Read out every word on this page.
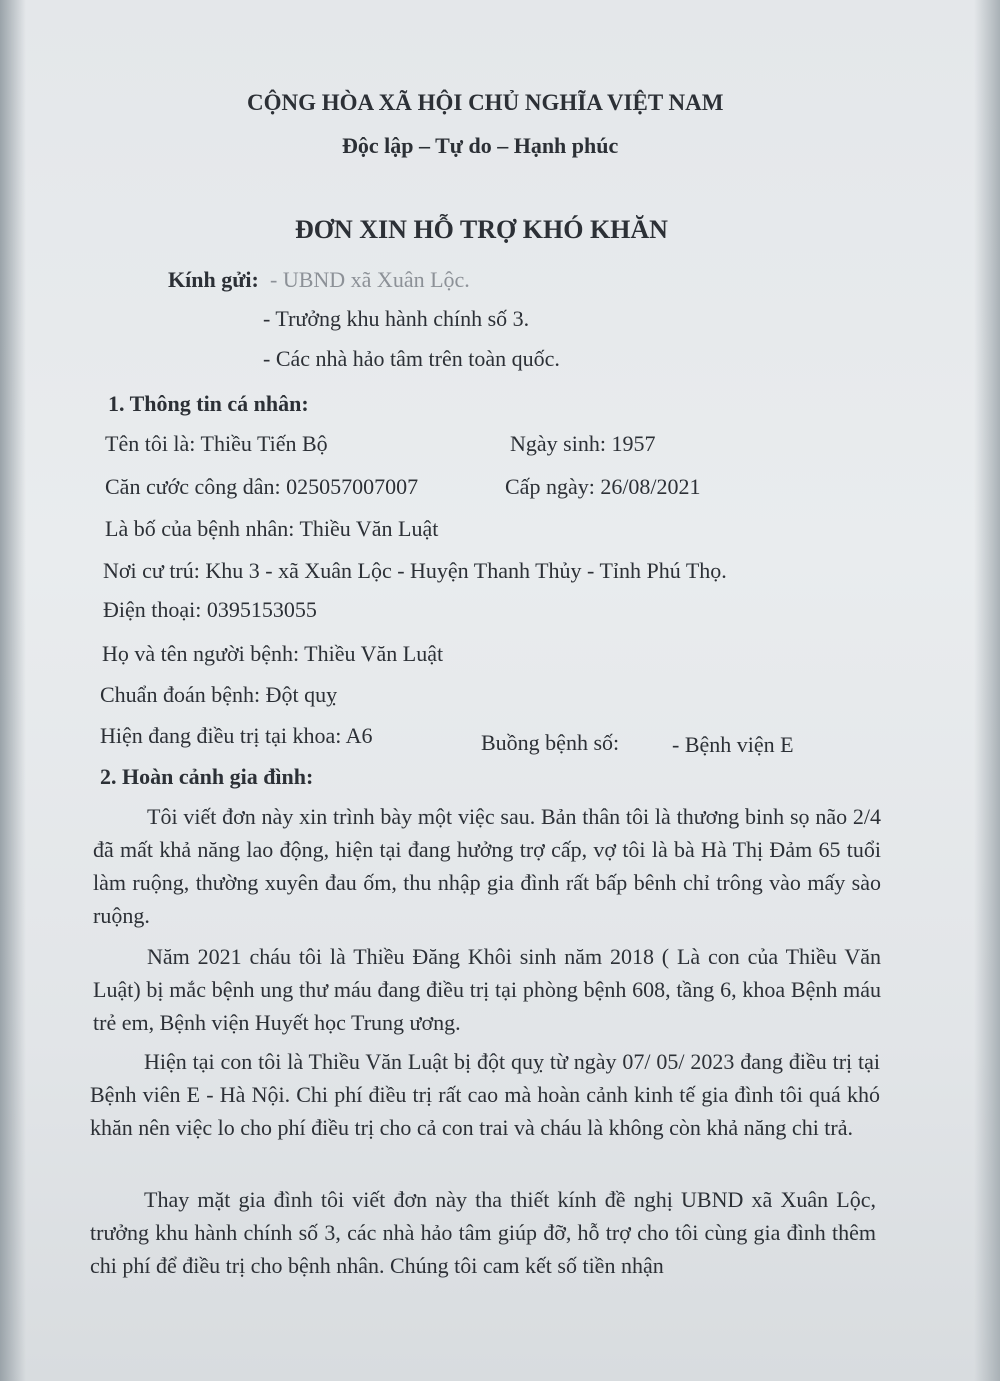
CỘNG HÒA XÃ HỘI CHỦ NGHĨA VIỆT NAM
Độc lập – Tự do – Hạnh phúc
ĐƠN XIN HỖ TRỢ KHÓ KHĂN
Kính gửi: - UBND xã Xuân Lộc.
- Trưởng khu hành chính số 3.
- Các nhà hảo tâm trên toàn quốc.
1. Thông tin cá nhân:
Tên tôi là: Thiều Tiến Bộ	Ngày sinh: 1957
Căn cước công dân: 025057007007	Cấp ngày: 26/08/2021
Là bố của bệnh nhân: Thiều Văn Luật
Nơi cư trú: Khu 3 - xã Xuân Lộc - Huyện Thanh Thủy - Tỉnh Phú Thọ.
Điện thoại: 0395153055
Họ và tên người bệnh: Thiều Văn Luật
Chuẩn đoán bệnh: Đột quỵ
Hiện đang điều trị tại khoa: A6	Buồng bệnh số: - Bệnh viện E
2. Hoàn cảnh gia đình:
Tôi viết đơn này xin trình bày một việc sau. Bản thân tôi là thương binh sọ não 2/4 đã mất khả năng lao động, hiện tại đang hưởng trợ cấp, vợ tôi là bà Hà Thị Đảm 65 tuổi làm ruộng, thường xuyên đau ốm, thu nhập gia đình rất bấp bênh chỉ trông vào mấy sào ruộng.
Năm 2021 cháu tôi là Thiều Đăng Khôi sinh năm 2018 ( Là con của Thiều Văn Luật) bị mắc bệnh ung thư máu đang điều trị tại phòng bệnh 608, tầng 6, khoa Bệnh máu trẻ em, Bệnh viện Huyết học Trung ương.
Hiện tại con tôi là Thiều Văn Luật bị đột quỵ từ ngày 07/ 05/ 2023 đang điều trị tại Bệnh viên E - Hà Nội. Chi phí điều trị rất cao mà hoàn cảnh kinh tế gia đình tôi quá khó khăn nên việc lo cho phí điều trị cho cả con trai và cháu là không còn khả năng chi trả.
Thay mặt gia đình tôi viết đơn này tha thiết kính đề nghị UBND xã Xuân Lộc, trưởng khu hành chính số 3, các nhà hảo tâm giúp đỡ, hỗ trợ cho tôi cùng gia đình thêm chi phí để điều trị cho bệnh nhân. Chúng tôi cam kết số tiền nhận
